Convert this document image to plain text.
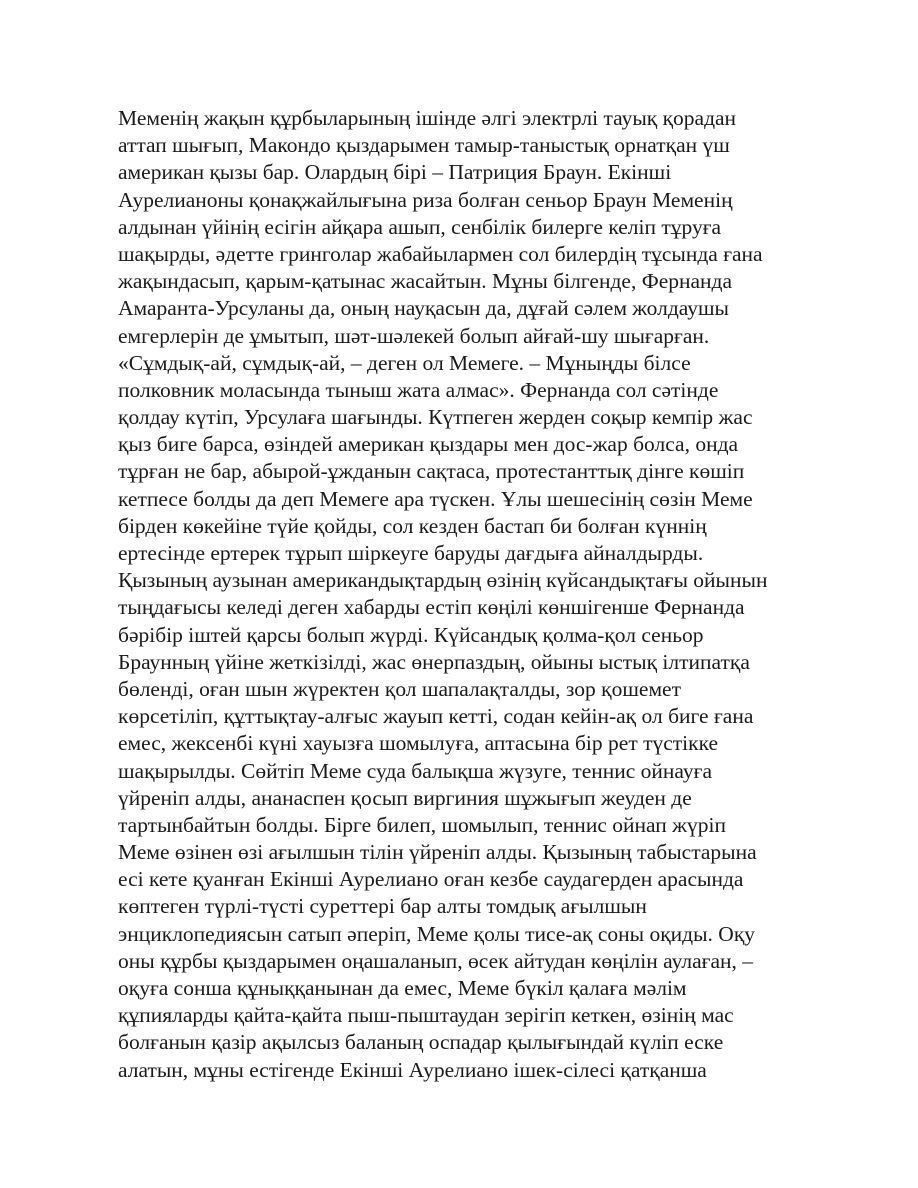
Меменің жақын құрбыларының ішінде әлгі электрлі тауық қорадан
аттап шығып, Макондо қыздарымен тамыр-таныстық орнатқан үш
американ қызы бар. Олардың бірі – Патриция Браун. Екінші
Аурелианоны қонақжайлығына риза болған сеньор Браун Меменің
алдынан үйінің есігін айқара ашып, сенбілік билерге келіп тұруға
шақырды, әдетте гринголар жабайылармен сол билердің тұсында ғана
жақындасып, қарым-қатынас жасайтын. Мұны білгенде, Фернанда
Амаранта-Урсуланы да, оның науқасын да, дұғай сәлем жолдаушы
емгерлерін де ұмытып, шәт-шәлекей болып айғай-шу шығарған.
«Сұмдық-ай, сұмдық-ай, – деген ол Мемеге. – Мұныңды білсе
полковник моласында тыныш жата алмас». Фернанда сол сәтінде
қолдау күтіп, Урсулаға шағынды. Күтпеген жерден соқыр кемпір жас
қыз биге барса, өзіндей американ қыздары мен дос-жар болса, онда
тұрған не бар, абырой-ұжданын сақтаса, протестанттық дінге көшіп
кетпесе болды да деп Мемеге ара түскен. Ұлы шешесінің сөзін Меме
бірден көкейіне түйе қойды, сол кезден бастап би болған күннің
ертесінде ертерек тұрып шіркеуге баруды дағдыға айналдырды.
Қызының аузынан американдықтардың өзінің күйсандықтағы ойынын
тыңдағысы келеді деген хабарды естіп көңілі көншігенше Фернанда
бәрібір іштей қарсы болып жүрді. Күйсандық қолма-қол сеньор
Браунның үйіне жеткізілді, жас өнерпаздың, ойыны ыстық ілтипатқа
бөленді, оған шын жүректен қол шапалақталды, зор қошемет
көрсетіліп, құттықтау-алғыс жауып кетті, содан кейін-ақ ол биге ғана
емес, жексенбі күні хауызға шомылуға, аптасына бір рет түстікке
шақырылды. Сөйтіп Меме суда балықша жүзуге, теннис ойнауға
үйреніп алды, ананаспен қосып виргиния шұжығып жеуден де
тартынбайтын болды. Бірге билеп, шомылып, теннис ойнап жүріп
Меме өзінен өзі ағылшын тілін үйреніп алды. Қызының табыстарына
есі кете қуанған Екінші Аурелиано оған кезбе саудагерден арасында
көптеген түрлі-түсті суреттері бар алты томдық ағылшын
энциклопедиясын сатып әперіп, Меме қолы тисе-ақ соны оқиды. Оқу
оны құрбы қыздарымен оңашаланып, өсек айтудан көңілін аулаған, –
оқуға сонша құныққанынан да емес, Меме бүкіл қалаға мәлім
құпияларды қайта-қайта пыш-пыштаудан зерігіп кеткен, өзінің мас
болғанын қазір ақылсыз баланың оспадар қылығындай күліп еске
алатын, мұны естігенде Екінші Аурелиано ішек-сілесі қатқанша
